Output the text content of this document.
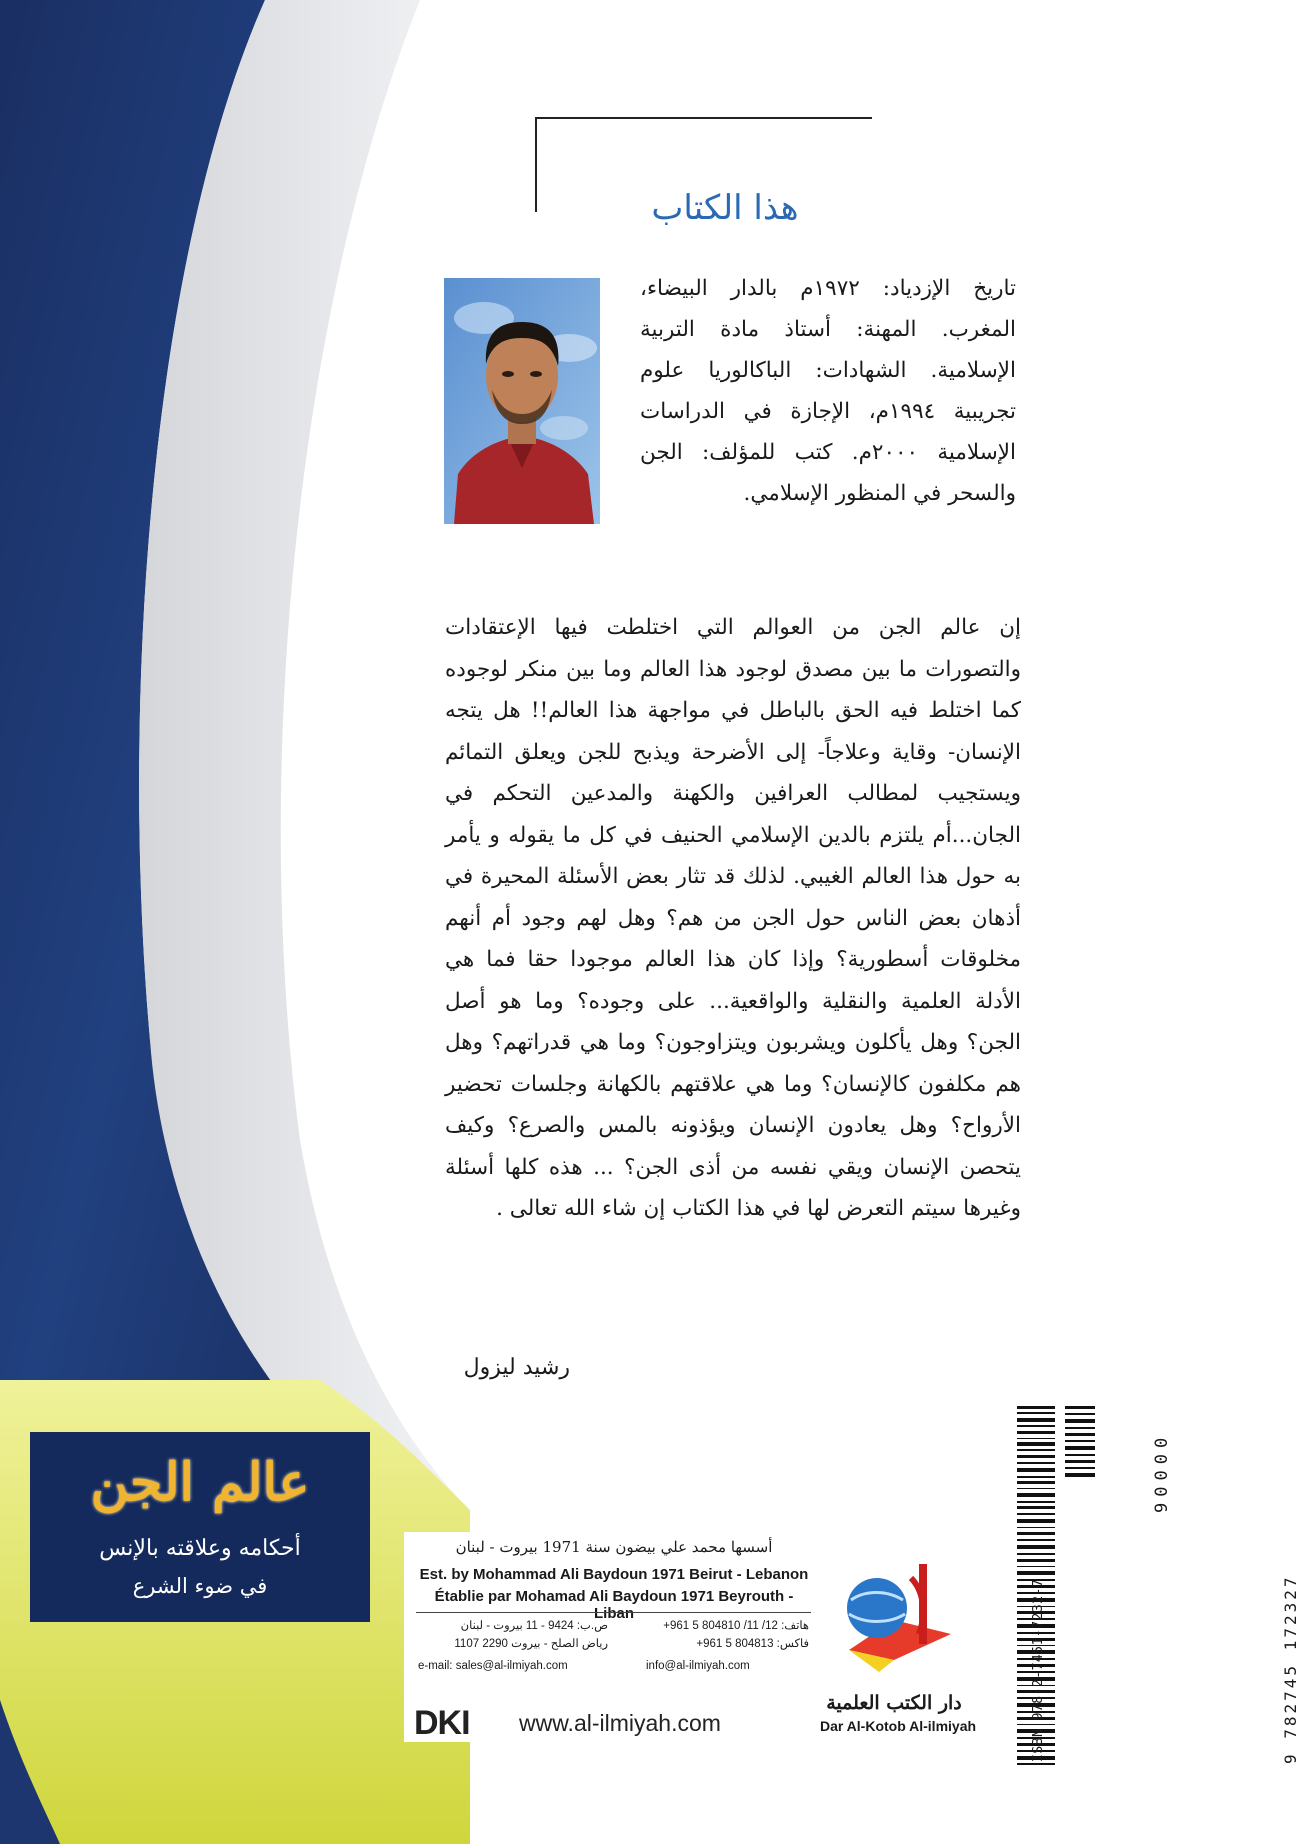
هذا الكتاب
تاريخ الإزدياد: ١٩٧٢م بالدار البيضاء، المغرب. المهنة: أستاذ مادة التربية الإسلامية. الشهادات: الباكالوريا علوم تجريبية ١٩٩٤م، الإجازة في الدراسات الإسلامية ٢٠٠٠م. كتب للمؤلف: الجن والسحر في المنظور الإسلامي.
إن عالم الجن من العوالم التي اختلطت فيها الإعتقادات والتصورات ما بين مصدق لوجود هذا العالم وما بين منكر لوجوده كما اختلط فيه الحق بالباطل في مواجهة هذا العالم!! هل يتجه الإنسان- وقاية وعلاجاً- إلى الأضرحة ويذبح للجن ويعلق التمائم ويستجيب لمطالب العرافين والكهنة والمدعين التحكم في الجان...أم يلتزم بالدين الإسلامي الحنيف في كل ما يقوله و يأمر به حول هذا العالم الغيبي. لذلك قد تثار بعض الأسئلة المحيرة في أذهان بعض الناس حول الجن من هم؟ وهل لهم وجود أم أنهم مخلوقات أسطورية؟ وإذا كان هذا العالم موجودا حقا فما هي الأدلة العلمية والنقلية والواقعية... على وجوده؟ وما هو أصل الجن؟ وهل يأكلون ويشربون ويتزاوجون؟ وما هي قدراتهم؟ وهل هم مكلفون كالإنسان؟ وما هي علاقتهم بالكهانة وجلسات تحضير الأرواح؟ وهل يعادون الإنسان ويؤذونه بالمس والصرع؟ وكيف يتحصن الإنسان ويقي نفسه من أذى الجن؟ ... هذه كلها أسئلة وغيرها سيتم التعرض لها في هذا الكتاب إن شاء الله تعالى .
رشيد ليزول
ISBN 978-2-7451-7232-7	9 782745 172327
90000
عالم الجن
أحكامه وعلاقته بالإنس
في ضوء الشرع
أسسها محمد علي بيضون سنة 1971 بيروت - لبنان
Est. by Mohammad Ali Baydoun 1971 Beirut - Lebanon
Établie par Mohamad Ali Baydoun 1971 Beyrouth - Liban
هاتف: 12/ 11/ 804810 5 961+
فاكس: 804813 5 961+
ص.ب: 9424 - 11 بيروت - لبنان
رياض الصلح - بيروت 2290 1107
e-mail: sales@al-ilmiyah.com	info@al-ilmiyah.com
DKI www.al-ilmiyah.com
دار الكتب العلمية
Dar Al-Kotob Al-ilmiyah
